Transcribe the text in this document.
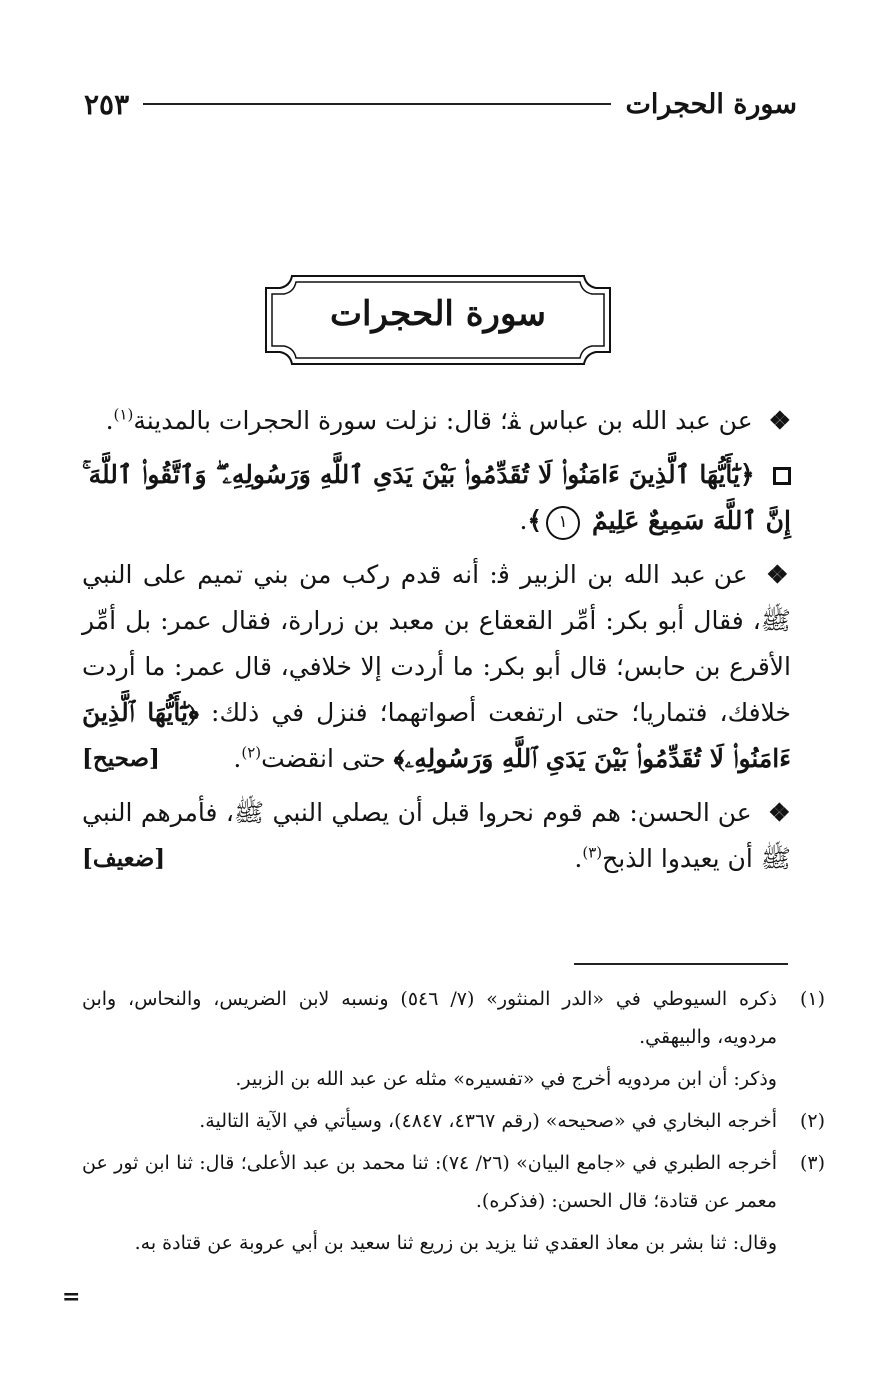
٢٥٣	سورة الحجرات
سورة الحجرات

❖ عن عبد الله بن عباس ﭭ؛ قال: نزلت سورة الحجرات بالمدينة$^{(١)}$.

﴿يَٰٓأَيُّهَا ٱلَّذِينَ ءَامَنُوا۟ لَا تُقَدِّمُوا۟ بَيْنَ يَدَىِ ٱللَّهِ وَرَسُولِهِۦ ۖ وَٱتَّقُوا۟ ٱللَّهَ ۚ إِنَّ ٱللَّهَ سَمِيعٌ عَلِيمٌ ١﴾.

❖ عن عبد الله بن الزبير ﭬ: أنه قدم ركب من بني تميم على النبي ﷺ، فقال أبو بكر: أمِّر القعقاع بن معبد بن زرارة، فقال عمر: بل أمِّر الأقرع بن حابس؛ قال أبو بكر: ما أردت إلا خلافي، قال عمر: ما أردت خلافك، فتماريا؛ حتى ارتفعت أصواتهما؛ فنزل في ذلك: ﴿يَٰٓأَيُّهَا ٱلَّذِينَ ءَامَنُوا۟ لَا تُقَدِّمُوا۟ بَيْنَ يَدَىِ ٱللَّهِ وَرَسُولِهِۦ﴾ حتى انقضت$^{(٢)}$.
[صحيح]

❖ عن الحسن: هم قوم نحروا قبل أن يصلي النبي ﷺ، فأمرهم النبي ﷺ أن يعيدوا الذبح$^{(٣)}$.
[ضعيف]

(١)
ذكره السيوطي في «الدر المنثور» (٧/ ٥٤٦) ونسبه لابن الضريس، والنحاس، وابن مردويه، والبيهقي.
وذكر: أن ابن مردويه أخرج في «تفسيره» مثله عن عبد الله بن الزبير.
(٢)
أخرجه البخاري في «صحيحه» (رقم ٤٣٦٧، ٤٨٤٧)، وسيأتي في الآية التالية.
(٣)
أخرجه الطبري في «جامع البيان» (٢٦/ ٧٤): ثنا محمد بن عبد الأعلى؛ قال: ثنا ابن ثور عن معمر عن قتادة؛ قال الحسن: (فذكره).
وقال: ثنا بشر بن معاذ العقدي ثنا يزيد بن زريع ثنا سعيد بن أبي عروبة عن قتادة به.
=
